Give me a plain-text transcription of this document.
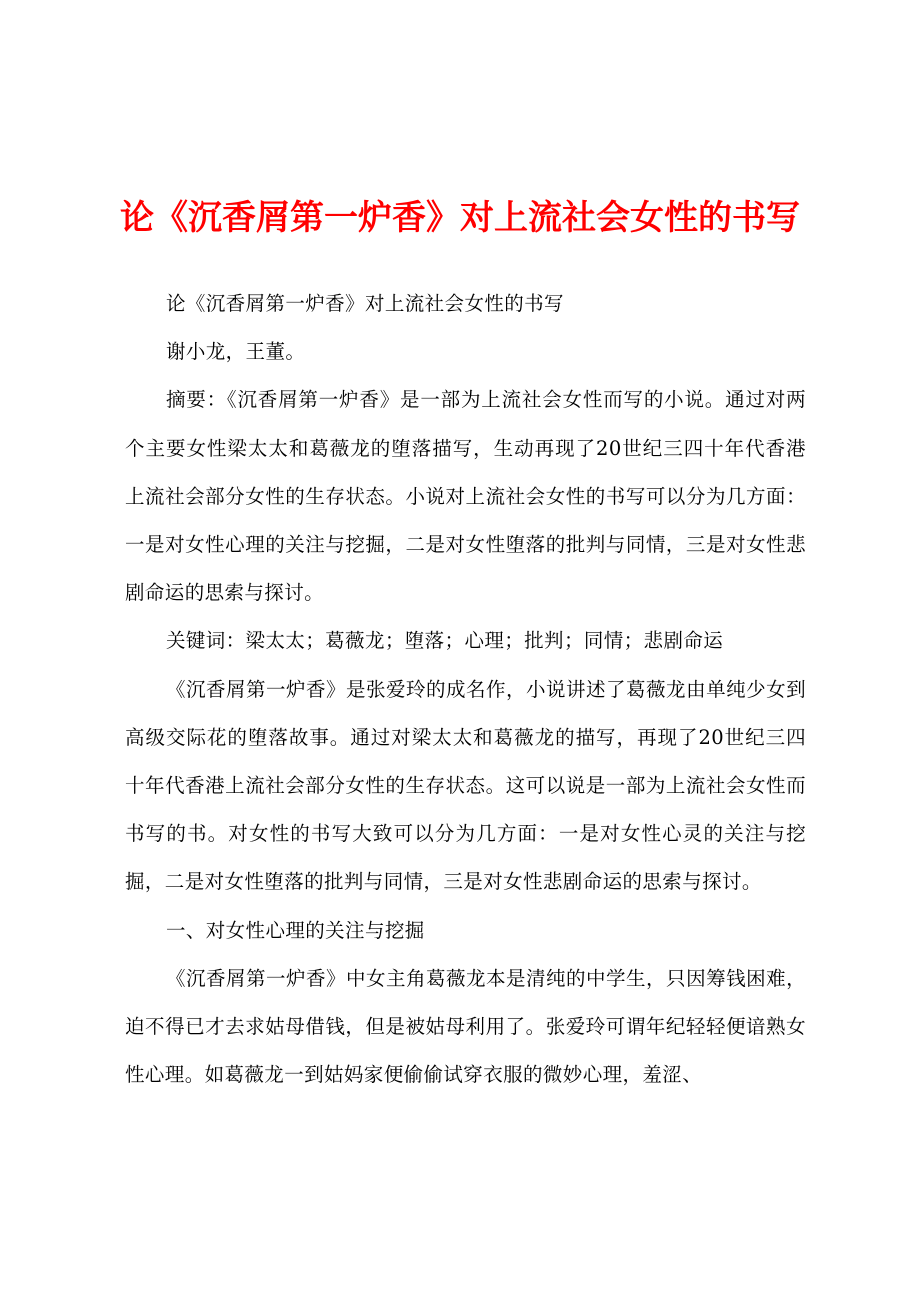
论《沉香屑第一炉香》对上流社会女性的书写

论《沉香屑第一炉香》对上流社会女性的书写

谢小龙，王董。

摘要：《沉香屑第一炉香》是一部为上流社会女性而写的小说。通过对两个主要女性梁太太和葛薇龙的堕落描写，生动再现了20世纪三四十年代香港上流社会部分女性的生存状态。小说对上流社会女性的书写可以分为几方面：一是对女性心理的关注与挖掘，二是对女性堕落的批判与同情，三是对女性悲剧命运的思索与探讨。

关键词：梁太太；葛薇龙；堕落；心理；批判；同情；悲剧命运

《沉香屑第一炉香》是张爱玲的成名作，小说讲述了葛薇龙由单纯少女到高级交际花的堕落故事。通过对梁太太和葛薇龙的描写，再现了20世纪三四十年代香港上流社会部分女性的生存状态。这可以说是一部为上流社会女性而书写的书。对女性的书写大致可以分为几方面：一是对女性心灵的关注与挖掘，二是对女性堕落的批判与同情，三是对女性悲剧命运的思索与探讨。

一、对女性心理的关注与挖掘

《沉香屑第一炉香》中女主角葛薇龙本是清纯的中学生，只因筹钱困难，迫不得已才去求姑母借钱，但是被姑母利用了。张爱玲可谓年纪轻轻便谙熟女性心理。如葛薇龙一到姑妈家便偷偷试穿衣服的微妙心理，羞涩、
